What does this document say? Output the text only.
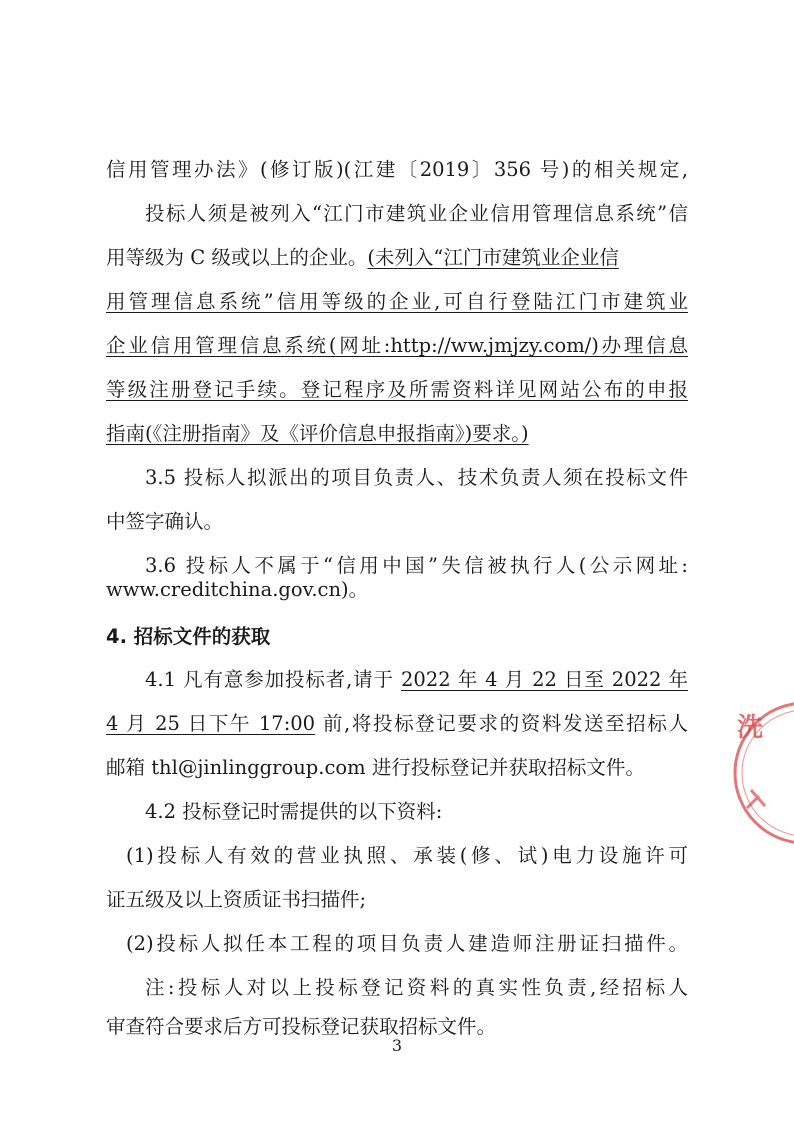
信用管理办法》(修订版)(江建〔2019〕356 号)的相关规定,
投标人须是被列入“江门市建筑业企业信用管理信息系统”信
用等级为 C 级或以上的企业。(未列入“江门市建筑业企业信
用管理信息系统”信用等级的企业,可自行登陆江门市建筑业
企业信用管理信息系统(网址:http://ww.jmjzy.com/)办理信息
等级注册登记手续。登记程序及所需资料详见网站公布的申报
指南(《注册指南》及《评价信息申报指南》)要求。)
3.5 投标人拟派出的项目负责人、技术负责人须在投标文件
中签字确认。
3.6 投标人不属于“信用中国”失信被执行人(公示网址:
www.creditchina.gov.cn)。
4. 招标文件的获取
4.1 凡有意参加投标者,请于 2022 年 4 月 22 日至 2022 年
4 月 25 日下午 17:00 前,将投标登记要求的资料发送至招标人
邮箱 thl@jinlinggroup.com 进行投标登记并获取招标文件。
4.2 投标登记时需提供的以下资料:
(1)投标人有效的营业执照、承装(修、试)电力设施许可
证五级及以上资质证书扫描件;
(2)投标人拟任本工程的项目负责人建造师注册证扫描件。
注:投标人对以上投标登记资料的真实性负责,经招标人
审查符合要求后方可投标登记获取招标文件。
3
洗
